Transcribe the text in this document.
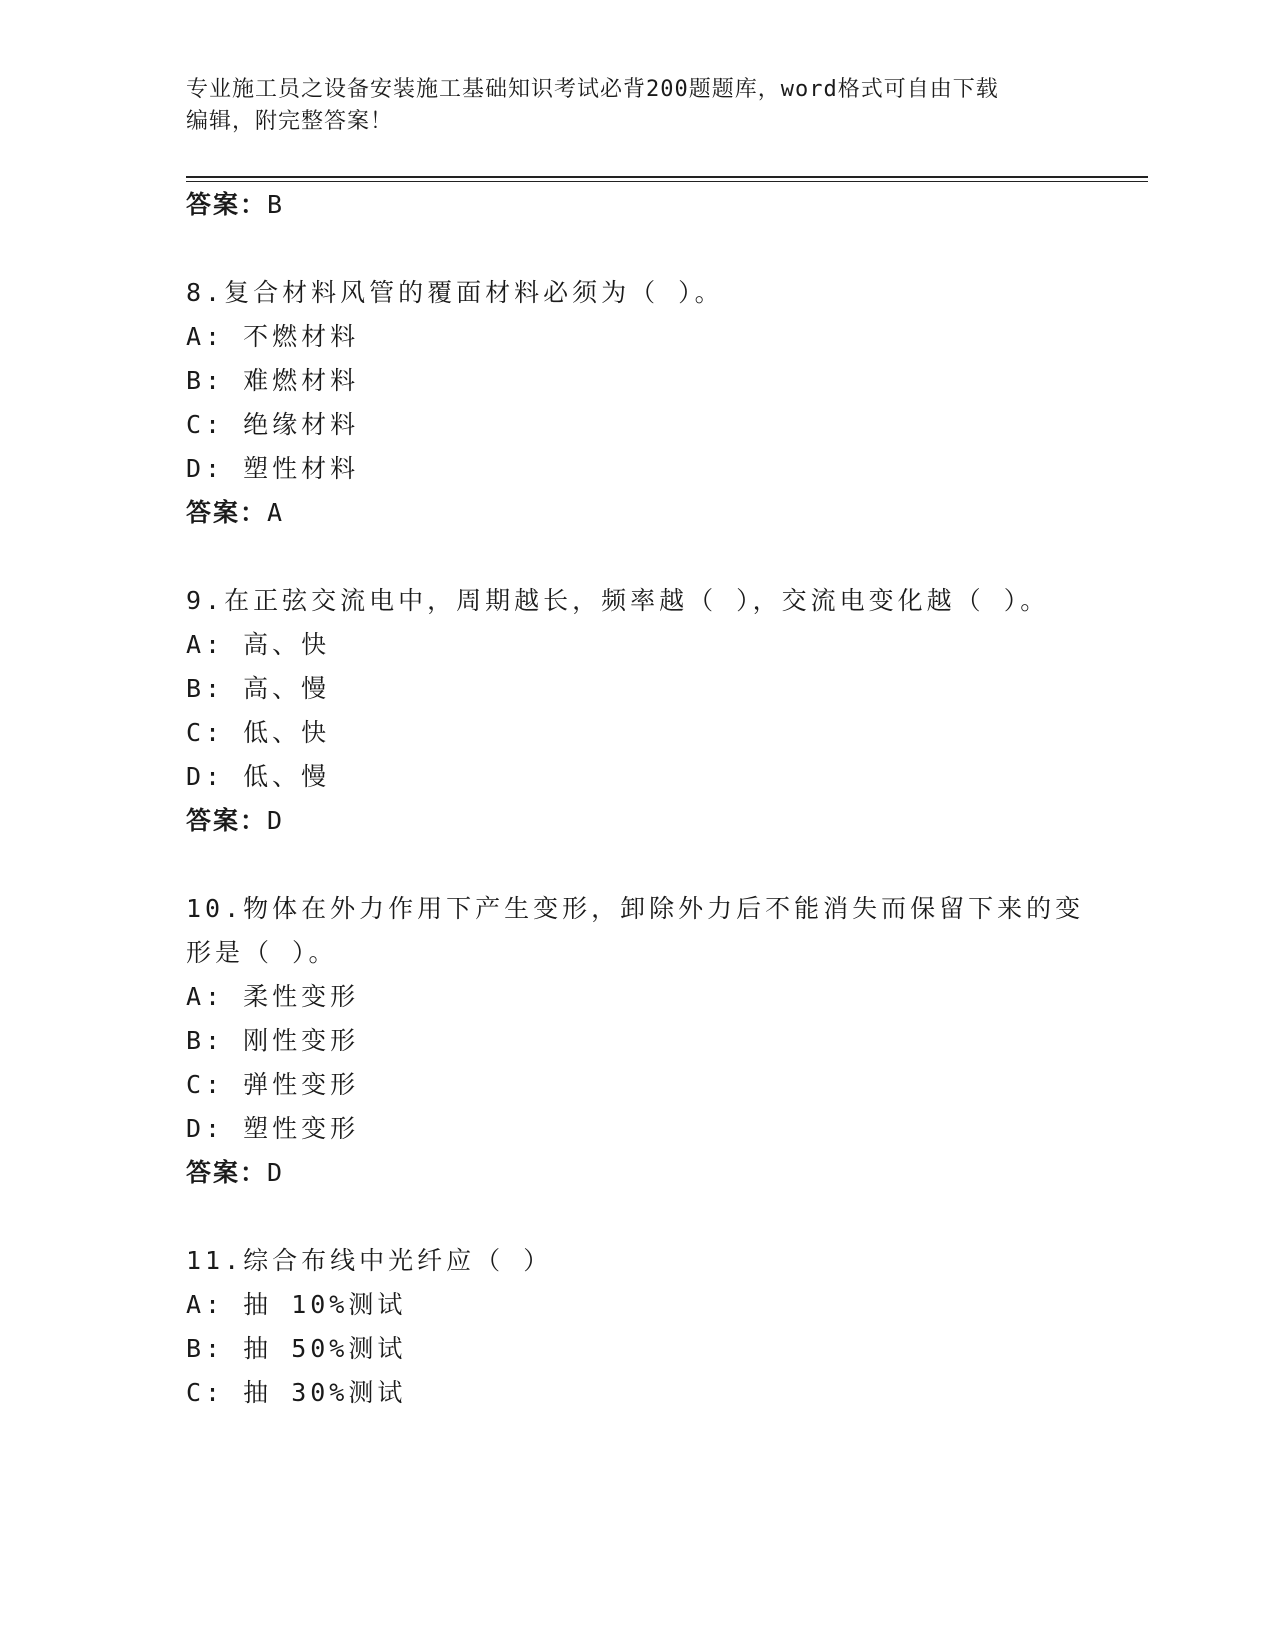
专业施工员之设备安装施工基础知识考试必背200题题库，word格式可自由下载
编辑，附完整答案！
答案：B
8.复合材料风管的覆面材料必须为（ ）。
A: 不燃材料
B: 难燃材料
C: 绝缘材料
D: 塑性材料
答案：A
9.在正弦交流电中，周期越长，频率越（ ），交流电变化越（ ）。
A: 高、快
B: 高、慢
C: 低、快
D: 低、慢
答案：D
10.物体在外力作用下产生变形，卸除外力后不能消失而保留下来的变
形是（ ）。
A: 柔性变形
B: 刚性变形
C: 弹性变形
D: 塑性变形
答案：D
11.综合布线中光纤应（ ）
A: 抽 10%测试
B: 抽 50%测试
C: 抽 30%测试
